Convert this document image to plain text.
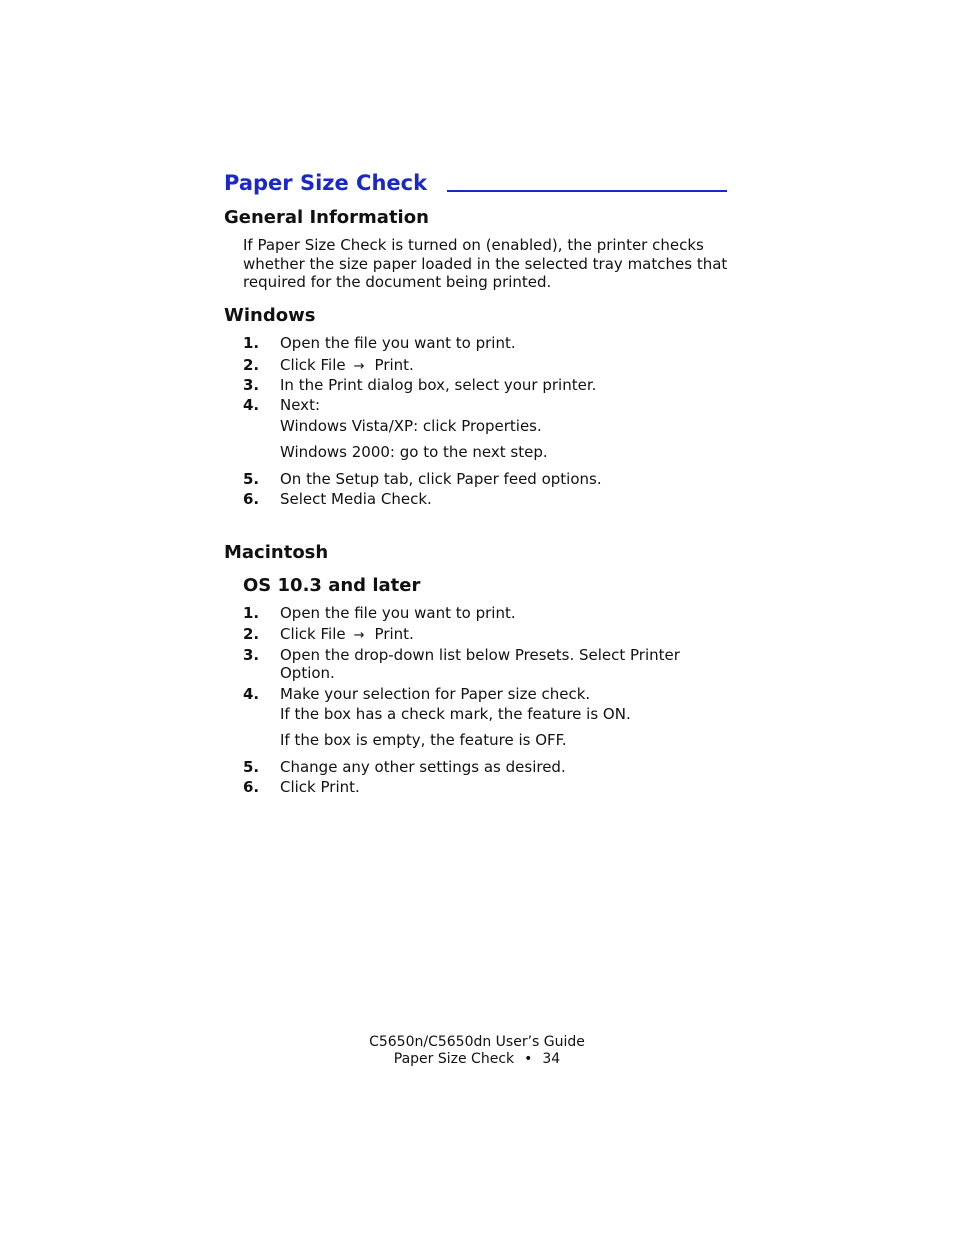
Paper Size Check
General Information

If Paper Size Check is turned on (enabled), the printer checks whether the size paper loaded in the selected tray matches that required for the document being printed.

Windows
1.	Open the file you want to print.
2.	Click File → Print.
3.	In the Print dialog box, select your printer.
4.	Next:
Windows Vista/XP: click Properties.
Windows 2000: go to the next step.
5.	On the Setup tab, click Paper feed options.
6.	Select Media Check.
Macintosh
OS 10.3 and later
1.	Open the file you want to print.
2.	Click File → Print.
3.	Open the drop-down list below Presets. Select Printer Option.
4.	Make your selection for Paper size check.
If the box has a check mark, the feature is ON.
If the box is empty, the feature is OFF.
5.	Change any other settings as desired.
6.	Click Print.
C5650n/C5650dn User’s Guide
Paper Size Check • 34
